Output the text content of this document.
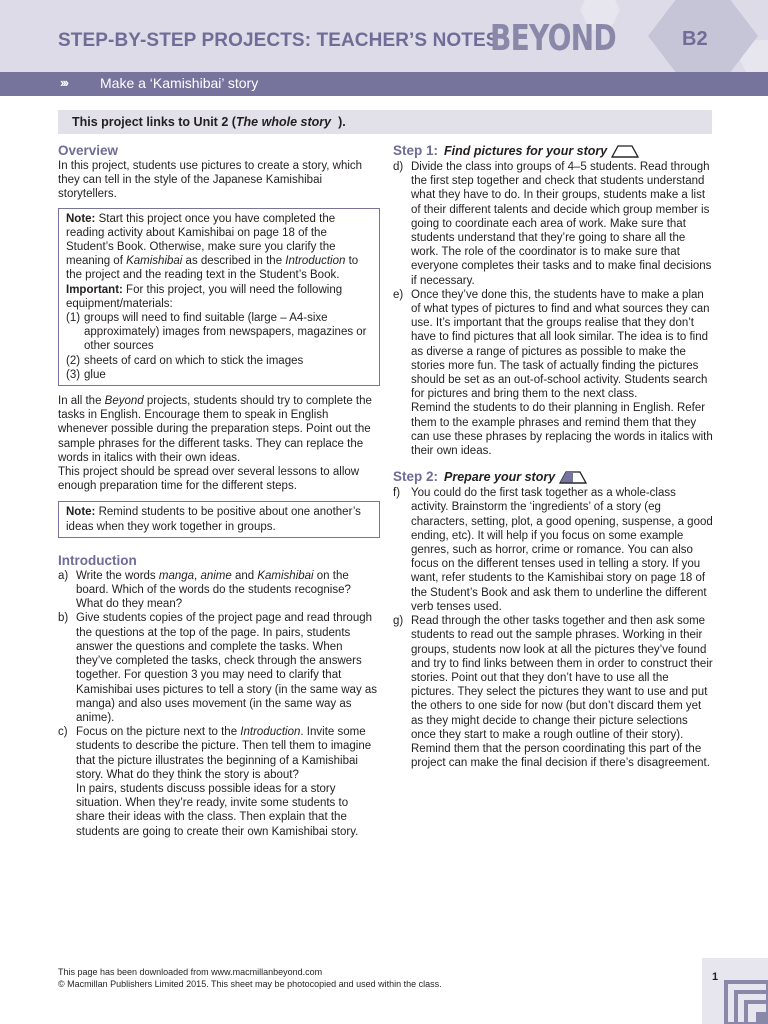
STEP-BY-STEP PROJECTS: TEACHER’S NOTES
BEYOND	B2
››› Make a ‘Kamishibai’ story
This project links to Unit 2 (The whole story ).

Overview

In this project, students use pictures to create a story, which they can tell in the style of the Japanese Kamishibai storytellers.

Note: Start this project once you have completed the reading activity about Kamishibai on page 18 of the Student’s Book. Otherwise, make sure you clarify the meaning of Kamishibai as described in the Introduction to the project and the reading text in the Student’s Book.

Important: For this project, you will need the following equipment/materials:

(1) groups will need to find suitable (large – A4-sixe approximately) images from newspapers, magazines or other sources
(2) sheets of card on which to stick the images
(3) glue

In all the Beyond projects, students should try to complete the tasks in English. Encourage them to speak in English whenever possible during the preparation steps. Point out the sample phrases for the different tasks. They can replace the words in italics with their own ideas.

This project should be spread over several lessons to allow enough preparation time for the different steps.

Note: Remind students to be positive about one another’s ideas when they work together in groups.

Introduction

a) Write the words manga, anime and Kamishibai on the board. Which of the words do the students recognise? What do they mean?
b) Give students copies of the project page and read through the questions at the top of the page. In pairs, students answer the questions and complete the tasks. When they’ve completed the tasks, check through the answers together. For question 3 you may need to clarify that Kamishibai uses pictures to tell a story (in the same way as manga) and also uses movement (in the same way as anime).
c) Focus on the picture next to the Introduction. Invite some students to describe the picture. Then tell them to imagine that the picture illustrates the beginning of a Kamishibai story. What do they think the story is about?
In pairs, students discuss possible ideas for a story situation. When they’re ready, invite some students to share their ideas with the class. Then explain that the students are going to create their own Kamishibai story.
Step 1: Find pictures for your story
d) Divide the class into groups of 4–5 students. Read through the first step together and check that students understand what they have to do. In their groups, students make a list of their different talents and decide which group member is going to coordinate each area of work. Make sure that students understand that they’re going to share all the work. The role of the coordinator is to make sure that everyone completes their tasks and to make final decisions if necessary.
e) Once they’ve done this, the students have to make a plan of what types of pictures to find and what sources they can use. It’s important that the groups realise that they don’t have to find pictures that all look similar. The idea is to find as diverse a range of pictures as possible to make the stories more fun. The task of actually finding the pictures should be set as an out-of-school activity. Students search for pictures and bring them to the next class.
Remind the students to do their planning in English. Refer them to the example phrases and remind them that they can use these phrases by replacing the words in italics with their own ideas.
Step 2: Prepare your story
f) You could do the first task together as a whole-class activity. Brainstorm the ‘ingredients’ of a story (eg characters, setting, plot, a good opening, suspense, a good ending, etc). It will help if you focus on some example genres, such as horror, crime or romance. You can also focus on the different tenses used in telling a story. If you want, refer students to the Kamishibai story on page 18 of the Student’s Book and ask them to underline the different verb tenses used.
g) Read through the other tasks together and then ask some students to read out the sample phrases. Working in their groups, students now look at all the pictures they’ve found and try to find links between them in order to construct their stories. Point out that they don’t have to use all the pictures. They select the pictures they want to use and put the others to one side for now (but don’t discard them yet as they might decide to change their picture selections once they start to make a rough outline of their story). Remind them that the person coordinating this part of the project can make the final decision if there’s disagreement.
This page has been downloaded from www.macmillanbeyond.com
© Macmillan Publishers Limited 2015. This sheet may be photocopied and used within the class.
1
